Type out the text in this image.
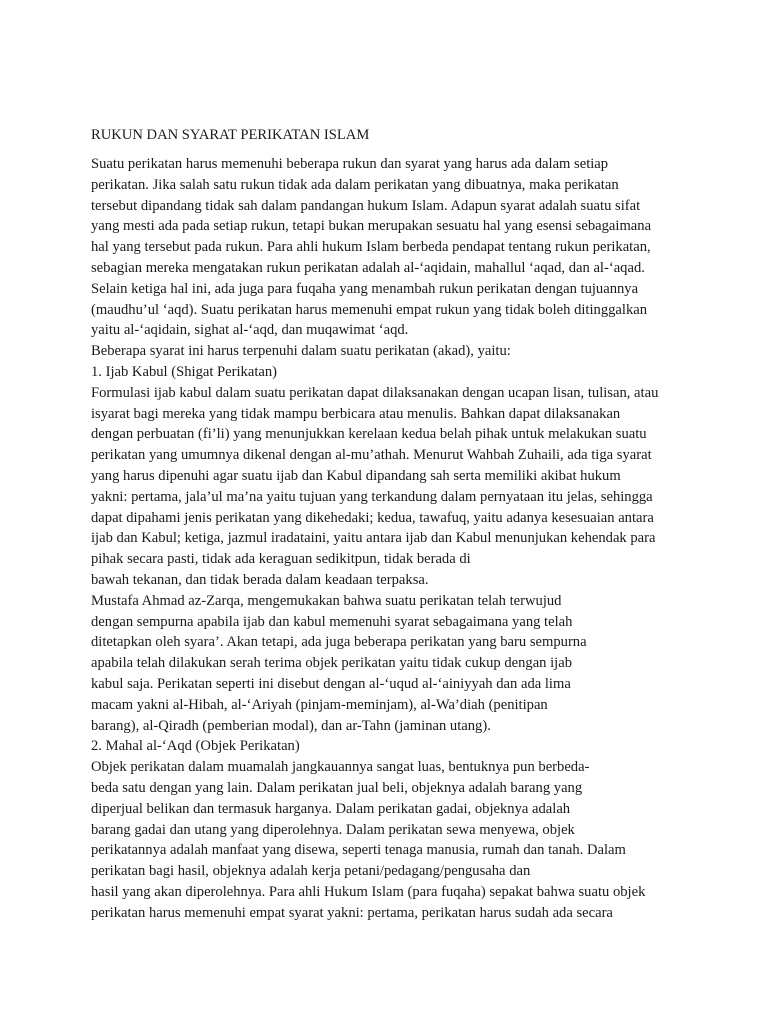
RUKUN DAN SYARAT PERIKATAN ISLAM
Suatu perikatan harus memenuhi beberapa rukun dan syarat yang harus ada dalam setiap
perikatan. Jika salah satu rukun tidak ada dalam perikatan yang dibuatnya, maka perikatan
tersebut dipandang tidak sah dalam pandangan hukum Islam. Adapun syarat adalah suatu sifat
yang mesti ada pada setiap rukun, tetapi bukan merupakan sesuatu hal yang esensi sebagaimana
hal yang tersebut pada rukun. Para ahli hukum Islam berbeda pendapat tentang rukun perikatan,
sebagian mereka mengatakan rukun perikatan adalah al-‘aqidain, mahallul ‘aqad, dan al-‘aqad.
Selain ketiga hal ini, ada juga para fuqaha yang menambah rukun perikatan dengan tujuannya
(maudhu’ul ‘aqd). Suatu perikatan harus memenuhi empat rukun yang tidak boleh ditinggalkan
yaitu al-‘aqidain, sighat al-‘aqd, dan muqawimat ‘aqd.
Beberapa syarat ini harus terpenuhi dalam suatu perikatan (akad), yaitu:
1. Ijab Kabul (Shigat Perikatan)
Formulasi ijab kabul dalam suatu perikatan dapat dilaksanakan dengan ucapan lisan, tulisan, atau
isyarat bagi mereka yang tidak mampu berbicara atau menulis. Bahkan dapat dilaksanakan
dengan perbuatan (fi’li) yang menunjukkan kerelaan kedua belah pihak untuk melakukan suatu
perikatan yang umumnya dikenal dengan al-mu’athah. Menurut Wahbah Zuhaili, ada tiga syarat
yang harus dipenuhi agar suatu ijab dan Kabul dipandang sah serta memiliki akibat hukum
yakni: pertama, jala’ul ma’na yaitu tujuan yang terkandung dalam pernyataan itu jelas, sehingga
dapat dipahami jenis perikatan yang dikehedaki; kedua, tawafuq, yaitu adanya kesesuaian antara
ijab dan Kabul; ketiga, jazmul iradataini, yaitu antara ijab dan Kabul menunjukan kehendak para
pihak secara pasti, tidak ada keraguan sedikitpun, tidak berada di
bawah tekanan, dan tidak berada dalam keadaan terpaksa.
Mustafa Ahmad az-Zarqa, mengemukakan bahwa suatu perikatan telah terwujud
dengan sempurna apabila ijab dan kabul memenuhi syarat sebagaimana yang telah
ditetapkan oleh syara’. Akan tetapi, ada juga beberapa perikatan yang baru sempurna
apabila telah dilakukan serah terima objek perikatan yaitu tidak cukup dengan ijab
kabul saja. Perikatan seperti ini disebut dengan al-‘uqud al-‘ainiyyah dan ada lima
macam yakni al-Hibah, al-‘Ariyah (pinjam-meminjam), al-Wa’diah (penitipan
barang), al-Qiradh (pemberian modal), dan ar-Tahn (jaminan utang).
2. Mahal al-‘Aqd (Objek Perikatan)
Objek perikatan dalam muamalah jangkauannya sangat luas, bentuknya pun berbeda-
beda satu dengan yang lain. Dalam perikatan jual beli, objeknya adalah barang yang
diperjual belikan dan termasuk harganya. Dalam perikatan gadai, objeknya adalah
barang gadai dan utang yang diperolehnya. Dalam perikatan sewa menyewa, objek
perikatannya adalah manfaat yang disewa, seperti tenaga manusia, rumah dan tanah. Dalam
perikatan bagi hasil, objeknya adalah kerja petani/pedagang/pengusaha dan
hasil yang akan diperolehnya. Para ahli Hukum Islam (para fuqaha) sepakat bahwa suatu objek
perikatan harus memenuhi empat syarat yakni: pertama, perikatan harus sudah ada secara
